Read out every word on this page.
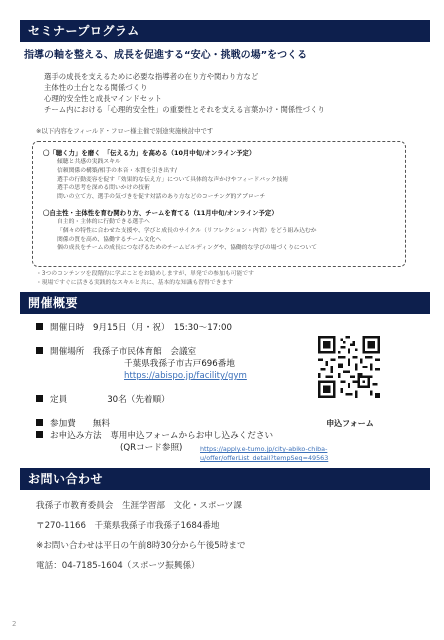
セミナープログラム
指導の軸を整える、成長を促進する“安心・挑戦の場”をつくる
選手の成長を支えるために必要な指導者の在り方や関わり方など
主体性の土台となる関係づくり
心理的安全性と成長マインドセット
チーム内における「心理的安全性」の重要性とそれを支える言葉かけ・関係性づくり
※以下内容をフィールド・フロー様主催で別途実施検討中です
〇「聴く力」を磨く　「伝える力」を高める（10月中旬/オンライン予定）
傾聴と共感の実践スキル
信頼関係の構築/相手の本音・本質を引き出す/
選手の行動変容を促す「効果的な伝え方」について具体的な声かけやフィードバック技術
選手の思考を深める問いかけの技術
問いの立て方、選手の気づきを促す対話のあり方などのコーチング的アプローチ
〇自主性・主体性を育む関わり方、チームを育てる（11月中旬/オンライン予定）
自主的・主体的に行動できる選手へ
「個々の特性に合わせた支援や、学びと成長のサイクル（リフレクション・内省）をどう組み込むか
関係の質を高め、協働するチーム文化へ
個の成長をチームの成長につなげるためのチームビルディングや、協働的な学びの場づくりについて
・3つのコンテンツを段階的に学ぶことをお勧めしますが、単発での参加も可能です
・現場ですぐに活きる実践的なスキルと共に、基本的な知識も習得できます
開催概要
開催日時　 9月15日（月・祝）　15:30～17:00
開催場所　 我孫子市民体育館　会議室
千葉県我孫子市古戸696番地
https://abispo.jp/facility/gym
定員	30名（先着順）
参加費 無料
お申込み方法　 専用申込フォームからお申し込みください
(QRコード参照)	https://apply.e-tumo.jp/city-abiko-chiba-
u/offer/offerList_detail?tempSeq=49563
申込フォーム
お問い合わせ
我孫子市教育委員会　生涯学習部　文化・スポーツ課
〒270-1166　千葉県我孫子市我孫子1684番地
※お問い合わせは平日の午前8時30分から午後5時まで
電話：04-7185-1604（スポーツ振興係）
2
